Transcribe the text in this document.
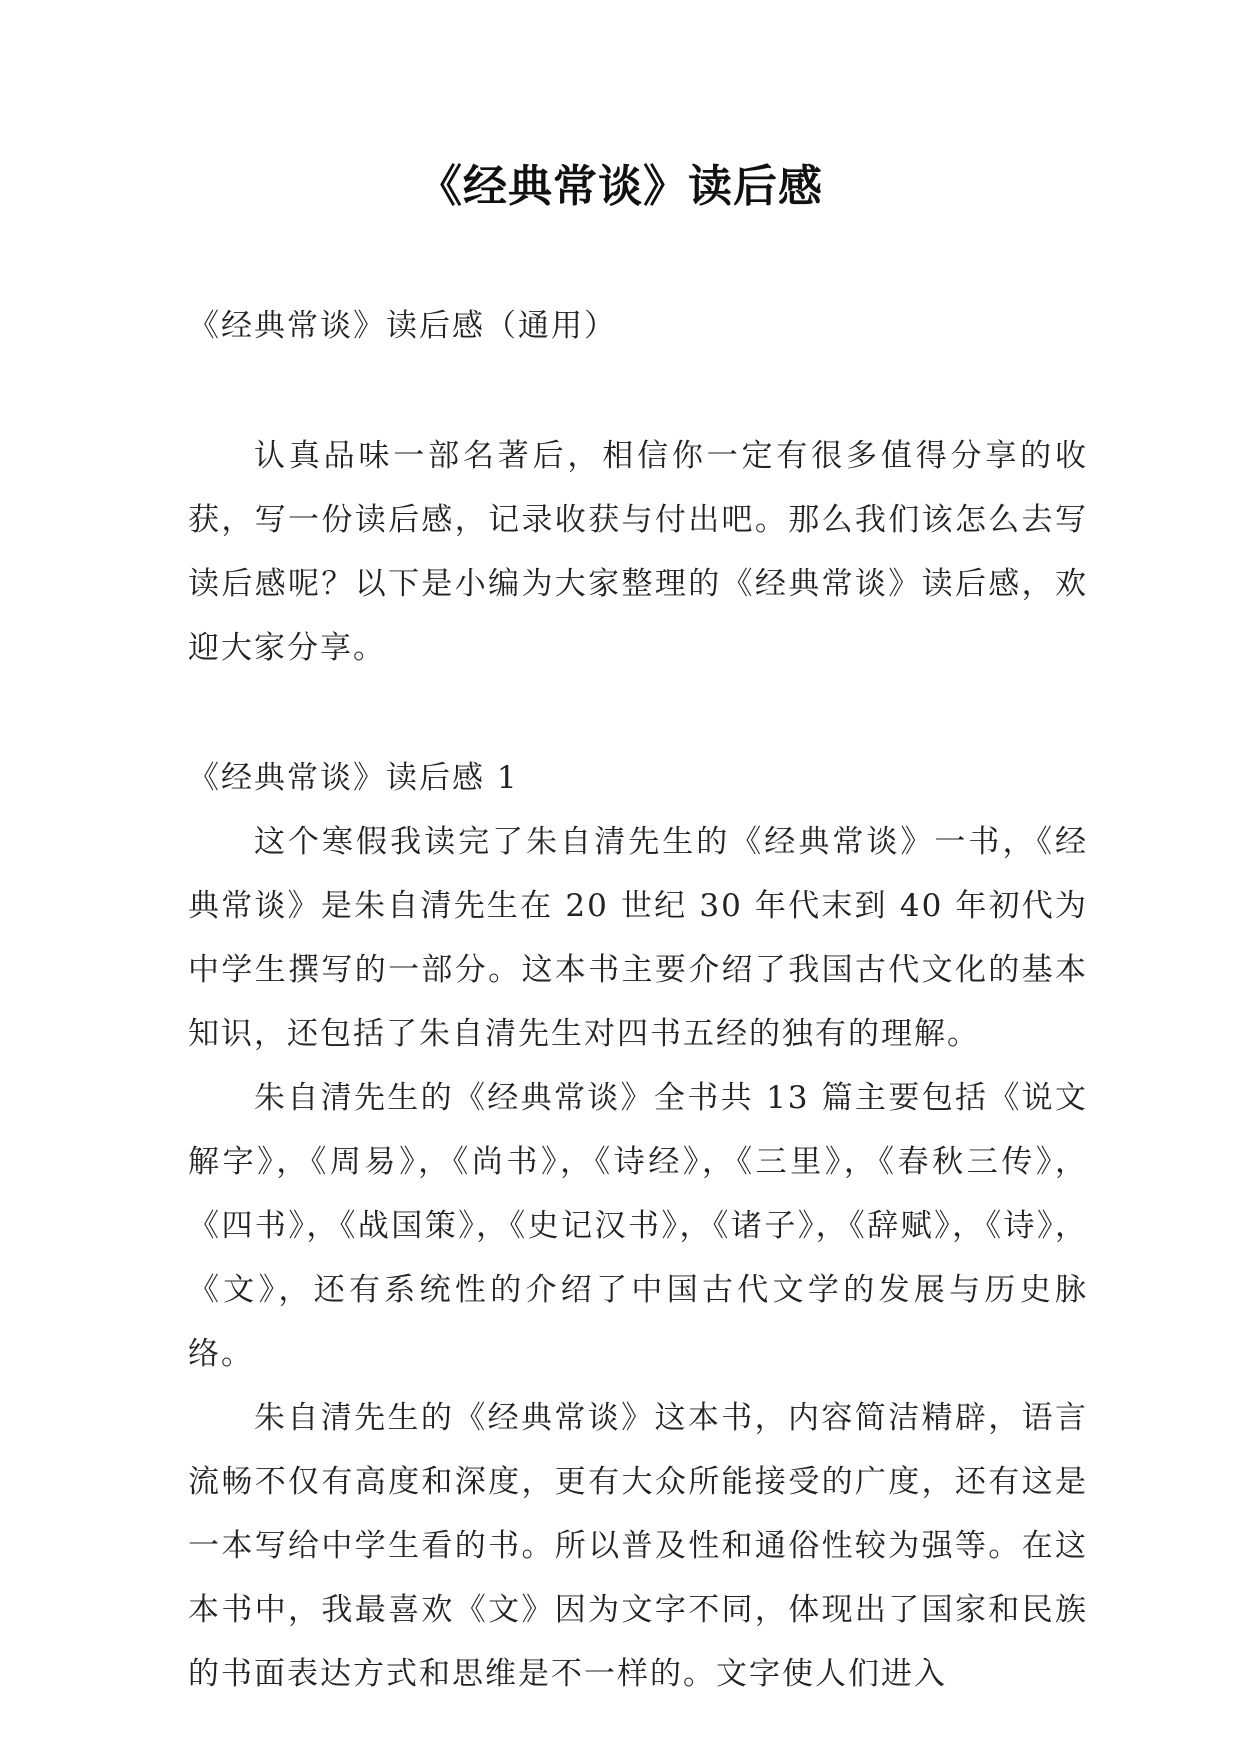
《经典常谈》读后感

《经典常谈》读后感（通用）

认真品味一部名著后，相信你一定有很多值得分享的收获，写一份读后感，记录收获与付出吧。那么我们该怎么去写读后感呢？以下是小编为大家整理的《经典常谈》读后感，欢迎大家分享。

《经典常谈》读后感 1

这个寒假我读完了朱自清先生的《经典常谈》一书，《经典常谈》是朱自清先生在 20 世纪 30 年代末到 40 年初代为中学生撰写的一部分。这本书主要介绍了我国古代文化的基本知识，还包括了朱自清先生对四书五经的独有的理解。

朱自清先生的《经典常谈》全书共 13 篇主要包括《说文解字》，《周易》，《尚书》，《诗经》，《三里》，《春秋三传》，《四书》，《战国策》，《史记汉书》，《诸子》，《辞赋》，《诗》，《文》，还有系统性的介绍了中国古代文学的发展与历史脉络。

朱自清先生的《经典常谈》这本书，内容简洁精辟，语言流畅不仅有高度和深度，更有大众所能接受的广度，还有这是一本写给中学生看的书。所以普及性和通俗性较为强等。在这本书中，我最喜欢《文》因为文字不同，体现出了国家和民族的书面表达方式和思维是不一样的。文字使人们进入
